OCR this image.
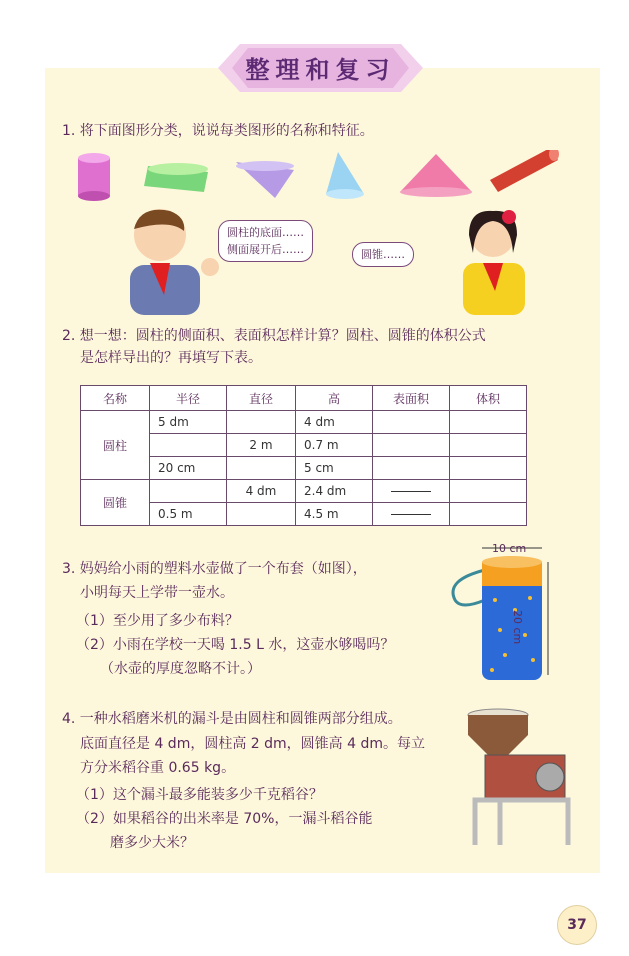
整理和复习
1. 将下面图形分类，说说每类图形的名称和特征。
圆柱的底面……
侧面展开后……	圆锥……
2. 想一想：圆柱的侧面积、表面积怎样计算？圆柱、圆锥的体积公式
是怎样导出的？再填写下表。
名称	半径	直径	高	表面积	体积
圆柱	5 dm		4 dm		
		2 m	0.7 m		
	20 cm		5 cm		
圆锥		4 dm	2.4 dm		
	0.5 m		4.5 m		
3. 妈妈给小雨的塑料水壶做了一个布套（如图），
小明每天上学带一壶水。
（1）至少用了多少布料？
（2）小雨在学校一天喝 1.5 L 水，这壶水够喝吗？
（水壶的厚度忽略不计。）
10 cm
20 cm
4. 一种水稻磨米机的漏斗是由圆柱和圆锥两部分组成。
底面直径是 4 dm，圆柱高 2 dm，圆锥高 4 dm。每立
方分米稻谷重 0.65 kg。
（1）这个漏斗最多能装多少千克稻谷？
（2）如果稻谷的出米率是 70%，一漏斗稻谷能
磨多少大米？
37
